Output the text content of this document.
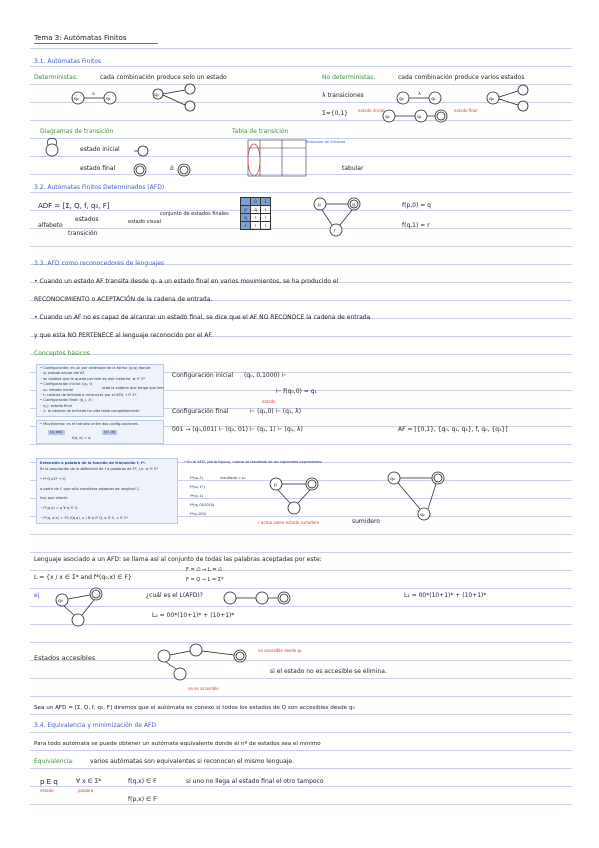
Tema 3: Autómatas Finitos
3.1. Autómatas Finitos
Deterministas:	cada combinación produce solo un estado	No deterministas:	cada combinación produce varios estados
q₀	q₁
a	q₀	λ transiciones
q₀	q₁
λ
q₀
Σ={0,1}	estado inicial	estado final
q₀	q₁
Diagramas de transición	Tabla de transición
estado inicial
estado final	ó
Símbolos de Entrada
tabular
3.2. Autómatas Finitos Determinados (AFD)
ADF = [Σ, Q, f, q₀, F]
alfabeto
estados
transición
estado visual
conjunto de estados finales
	0	1
p	q	r
q	r	r
r	r	r
p	q
r
f(p,0) = q
f(q,1) = r
3.3. AFD como reconocedores de lenguajes
• Cuando un estado AF transita desde q₀ a un estado final en varios movimientos, se ha producido el
RECONOCIMIENTO o ACEPTACIÓN de la cadena de entrada.
• Cuando un AF no es capaz de alcanzar un estado final, se dice que el AF NO RECONOCE la cadena de entrada
y que esta NO PERTENECE al lenguaje reconocido por el AF.
Conceptos básicos
• Configuración: es un par ordenado de la forma (q,w) donde:
◦ q: estado actual del AF
◦ w: cadena que le queda por leer en ese instante, w ∈ Σ*
• Configuración inicial: (q₀, t)
◦ q₀: estado inicial
◦ t: cadena de entrada a reconocer por el AFD, t ∈ Σ*
• Configuración final: (q_i, λ)
◦ q_i: estado final
◦ λ: la cadena de entrada ha sido leída completamente
toda la cadena que tengo que leer
• Movimiento: es el tránsito entre dos configuraciones.
(q, aw)	(q', w)
f(q, a) = q'
Configuración inicial (q₀, 0,1000) ⊢
⊢ f(q₀,0) = q₁
Configuración final	⊢ (q₁,0) ⊢ (q₁, λ)
estado
001 → (q₀,001) ⊢ (q₀, 01) ⊢ (q₁, 1) ⊢ (q₁, λ)	AF = [{0,1}, {q₀, q₁, q₂}, f, q₀, {q₁}]
Extensión a palabra de la función de transición f, f*:
Es la ampliación de la definición de f a palabras de Σ*, i.e. w ∈ Σ*
• f*:Q×Σ* → Q
a partir de f, que sólo considera palabras de longitud 1,
hay que añadir:
◦ f*(q,λ) = q ∀ q ∈ Q
◦ f*(q, a·x) = f*( f(q,a), x ) ∀ q ∈ Q, a ∈ Σ, x ∈ Σ*
• En el AFD, (de la figura), indicar el resultado de las siguientes expresiones:
f*(q₀,λ)
f*(q₁,1*)
f*(q₁,1)
f*(q₀,001010)
f*(p,100)
resultado = p₀
p
r actúa como estado sumidero
q₀
q₂
sumidero
Lenguaje asociado a un AFD: se llama así al conjunto de todas las palabras aceptadas por este:
L = {x / x ∈ Σ* and f*(q₀,x) ∈ F}
F = ∅ ⇒ L = ∅
F = Q ⇒ L = Σ*
ej
q₀
¿cuál es el L(AFD)?	L₁ = 00*(10+1)* + (10+1)*
L₂ = 00*(10+1)* + (10+1)*
Estados accesibles
no accesible desde q₀
no es accesible
si el estado no es accesible se elimina.
Sea un AFD = [Σ, Q, f, q₀, F] diremos que el autómata es conexo si todos los estados de Q son accesibles desde q₀
3.4. Equivalencia y minimización de AFD
Para todo autómata se puede obtener un autómata equivalente donde el nº de estados sea el mínimo
Equivalencia:	varios autómatas son equivalentes si reconocen el mismo lenguaje.
p E q	∀ x ∈ Σ*
estado	palabra
f(q,x) ∈ F
f(p,x) ∈ F
si uno no llega al estado final el otro tampoco
